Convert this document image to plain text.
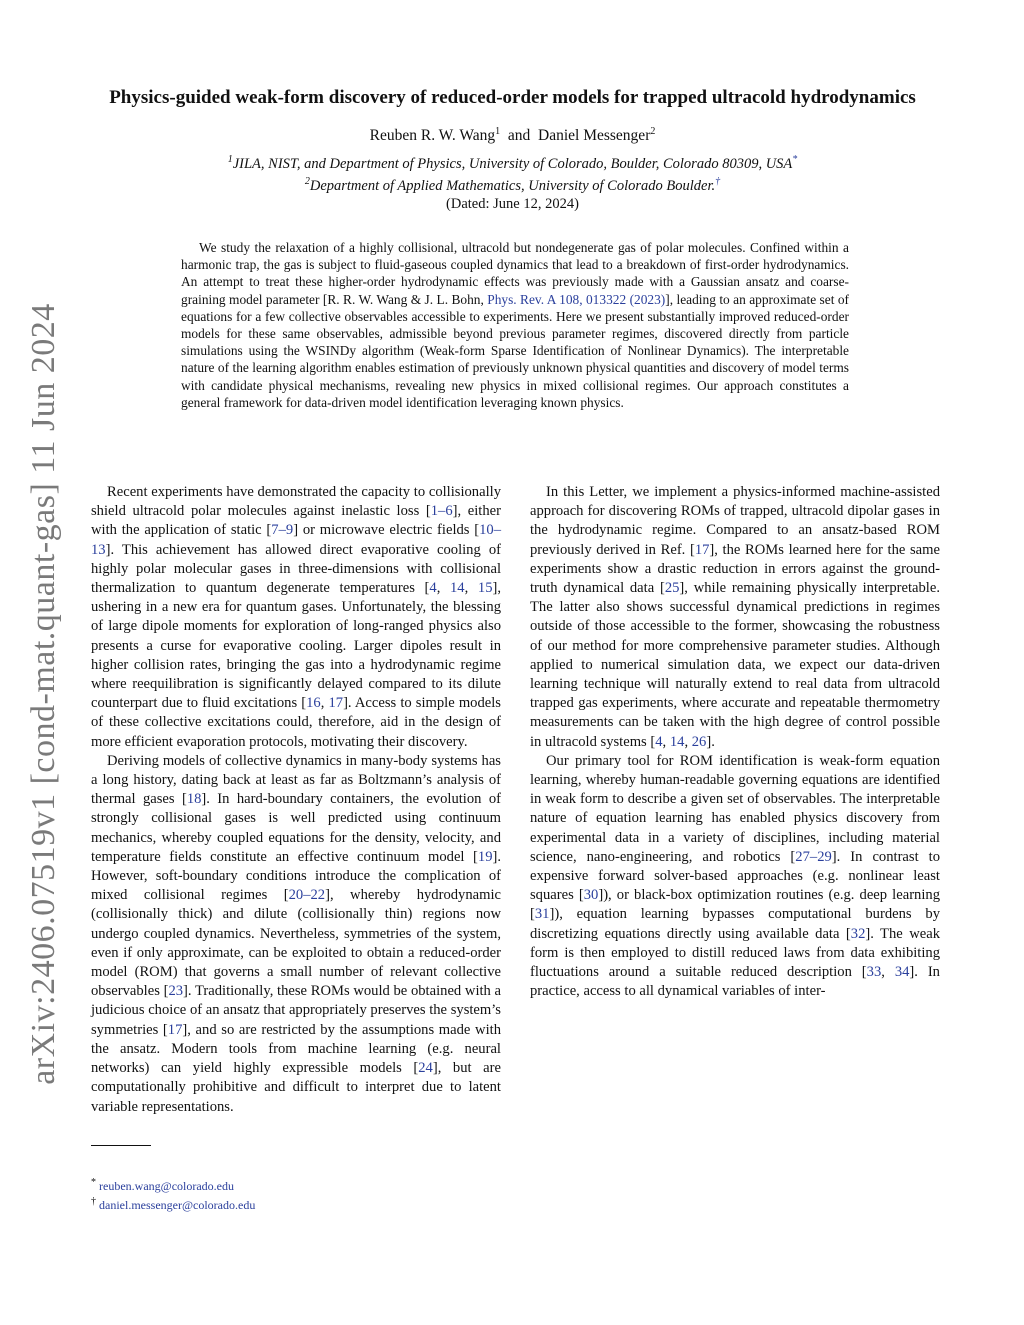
arXiv:2406.07519v1 [cond-mat.quant-gas] 11 Jun 2024
Physics-guided weak-form discovery of reduced-order models for trapped ultracold hydrodynamics
Reuben R. W. Wang$^1$ and Daniel Messenger$^2$
$^1$JILA, NIST, and Department of Physics, University of Colorado, Boulder, Colorado 80309, USA*
$^2$Department of Applied Mathematics, University of Colorado Boulder.†
(Dated: June 12, 2024)

We study the relaxation of a highly collisional, ultracold but nondegenerate gas of polar molecules. Confined within a harmonic trap, the gas is subject to fluid-gaseous coupled dynamics that lead to a breakdown of first-order hydrodynamics. An attempt to treat these higher-order hydrodynamic effects was previously made with a Gaussian ansatz and coarse-graining model parameter [R. R. W. Wang & J. L. Bohn, Phys. Rev. A 108, 013322 (2023)], leading to an approximate set of equations for a few collective observables accessible to experiments. Here we present substantially improved reduced-order models for these same observables, admissible beyond previous parameter regimes, discovered directly from particle simulations using the WSINDy algorithm (Weak-form Sparse Identification of Nonlinear Dynamics). The interpretable nature of the learning algorithm enables estimation of previously unknown physical quantities and discovery of model terms with candidate physical mechanisms, revealing new physics in mixed collisional regimes. Our approach constitutes a general framework for data-driven model identification leveraging known physics.

Recent experiments have demonstrated the capacity to collisionally shield ultracold polar molecules against inelastic loss [1–6], either with the application of static [7–9] or microwave electric fields [10–13]. This achievement has allowed direct evaporative cooling of highly polar molecular gases in three-dimensions with collisional thermalization to quantum degenerate temperatures [4, 14, 15], ushering in a new era for quantum gases. Unfortunately, the blessing of large dipole moments for exploration of long-ranged physics also presents a curse for evaporative cooling. Larger dipoles result in higher collision rates, bringing the gas into a hydrodynamic regime where reequilibration is significantly delayed compared to its dilute counterpart due to fluid excitations [16, 17]. Access to simple models of these collective excitations could, therefore, aid in the design of more efficient evaporation protocols, motivating their discovery.

Deriving models of collective dynamics in many-body systems has a long history, dating back at least as far as Boltzmann’s analysis of thermal gases [18]. In hard-boundary containers, the evolution of strongly collisional gases is well predicted using continuum mechanics, whereby coupled equations for the density, velocity, and temperature fields constitute an effective continuum model [19]. However, soft-boundary conditions introduce the complication of mixed collisional regimes [20–22], whereby hydrodynamic (collisionally thick) and dilute (collisionally thin) regions now undergo coupled dynamics. Nevertheless, symmetries of the system, even if only approximate, can be exploited to obtain a reduced-order model (ROM) that governs a small number of relevant collective observables [23]. Traditionally, these ROMs would be obtained with a judicious choice of an ansatz that appropriately preserves the system’s symmetries [17], and so are restricted by the assumptions made with the ansatz. Modern tools from machine learning (e.g. neural networks) can yield highly expressible models [24], but are computationally prohibitive and difficult to interpret due to latent variable representations.

In this Letter, we implement a physics-informed machine-assisted approach for discovering ROMs of trapped, ultracold dipolar gases in the hydrodynamic regime. Compared to an ansatz-based ROM previously derived in Ref. [17], the ROMs learned here for the same experiments show a drastic reduction in errors against the ground-truth dynamical data [25], while remaining physically interpretable. The latter also shows successful dynamical predictions in regimes outside of those accessible to the former, showcasing the robustness of our method for more comprehensive parameter studies. Although applied to numerical simulation data, we expect our data-driven learning technique will naturally extend to real data from ultracold trapped gas experiments, where accurate and repeatable thermometry measurements can be taken with the high degree of control possible in ultracold systems [4, 14, 26].

Our primary tool for ROM identification is weak-form equation learning, whereby human-readable governing equations are identified in weak form to describe a given set of observables. The interpretable nature of equation learning has enabled physics discovery from experimental data in a variety of disciplines, including material science, nano-engineering, and robotics [27–29]. In contrast to expensive forward solver-based approaches (e.g. nonlinear least squares [30]), or black-box optimization routines (e.g. deep learning [31]), equation learning bypasses computational burdens by discretizing equations directly using available data [32]. The weak form is then employed to distill reduced laws from data exhibiting fluctuations around a suitable reduced description [33, 34]. In practice, access to all dynamical variables of inter-

* reuben.wang@colorado.edu
† daniel.messenger@colorado.edu
